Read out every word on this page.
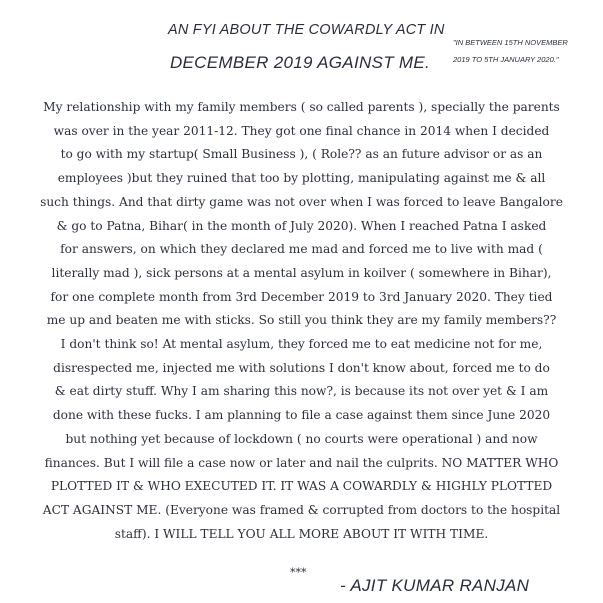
AN FYI ABOUT THE COWARDLY ACT IN
DECEMBER 2019 AGAINST ME.
"IN BETWEEN 15TH NOVEMBER
2019 TO 5TH JANUARY 2020."
My relationship with my family members ( so called parents ), specially the parents
was over in the year 2011-12. They got one final chance in 2014 when I decided
to go with my startup( Small Business ), ( Role?? as an future advisor or as an
employees )but they ruined that too by plotting, manipulating against me & all
such things. And that dirty game was not over when I was forced to leave Bangalore
& go to Patna, Bihar( in the month of July 2020). When I reached Patna I asked
for answers, on which they declared me mad and forced me to live with mad (
literally mad ), sick persons at a mental asylum in koilver ( somewhere in Bihar),
for one complete month from 3rd December 2019 to 3rd January 2020. They tied
me up and beaten me with sticks. So still you think they are my family members??
I don't think so! At mental asylum, they forced me to eat medicine not for me,
disrespected me, injected me with solutions I don't know about, forced me to do
& eat dirty stuff. Why I am sharing this now?, is because its not over yet & I am
done with these fucks. I am planning to file a case against them since June 2020
but nothing yet because of lockdown ( no courts were operational ) and now
finances. But I will file a case now or later and nail the culprits. NO MATTER WHO
PLOTTED IT & WHO EXECUTED IT. IT WAS A COWARDLY & HIGHLY PLOTTED
ACT AGAINST ME. (Everyone was framed & corrupted from doctors to the hospital
staff). I WILL TELL YOU ALL MORE ABOUT IT WITH TIME.
***
- AJIT KUMAR RANJAN
